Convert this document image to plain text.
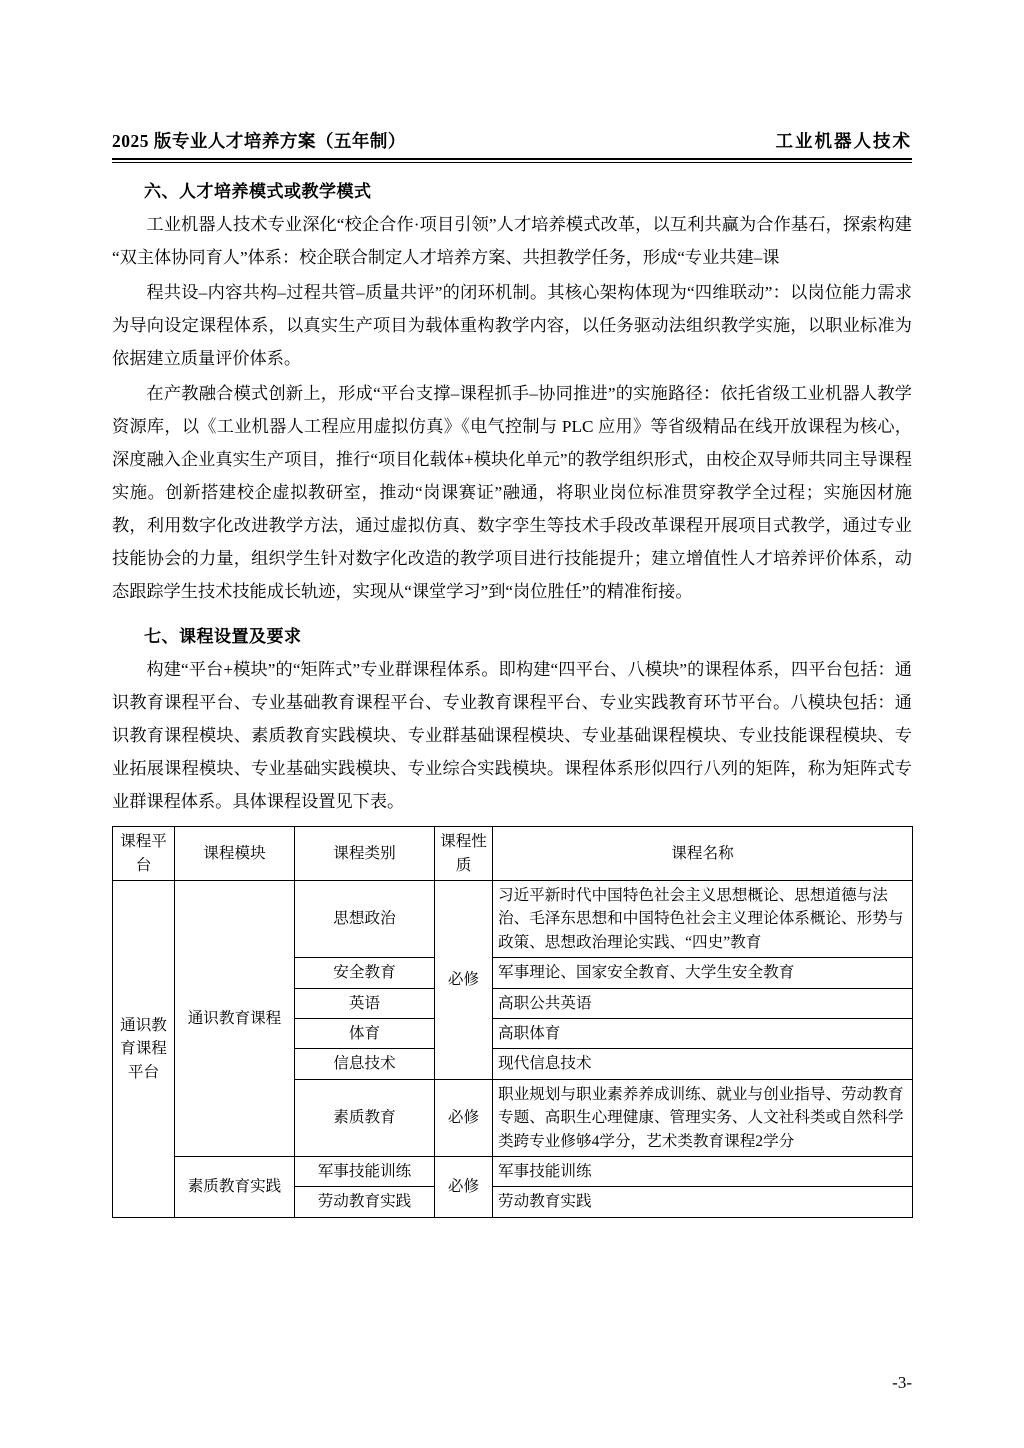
2025 版专业人才培养方案（五年制）	工业机器人技术
六、人才培养模式或教学模式

工业机器人技术专业深化“校企合作·项目引领”人才培养模式改革，以互利共赢为合作基石，探索构建“双主体协同育人”体系：校企联合制定人才培养方案、共担教学任务，形成“专业共建–课

程共设–内容共构–过程共管–质量共评”的闭环机制。其核心架构体现为“四维联动”：以岗位能力需求为导向设定课程体系，以真实生产项目为载体重构教学内容，以任务驱动法组织教学实施，以职业标准为依据建立质量评价体系。

在产教融合模式创新上，形成“平台支撑–课程抓手–协同推进”的实施路径：依托省级工业机器人教学资源库，以《工业机器人工程应用虚拟仿真》《电气控制与 PLC 应用》等省级精品在线开放课程为核心，深度融入企业真实生产项目，推行“项目化载体+模块化单元”的教学组织形式，由校企双导师共同主导课程实施。创新搭建校企虚拟教研室，推动“岗课赛证”融通，将职业岗位标准贯穿教学全过程；实施因材施教，利用数字化改进教学方法，通过虚拟仿真、数字孪生等技术手段改革课程开展项目式教学，通过专业技能协会的力量，组织学生针对数字化改造的教学项目进行技能提升；建立增值性人才培养评价体系，动态跟踪学生技术技能成长轨迹，实现从“课堂学习”到“岗位胜任”的精准衔接。

七、课程设置及要求

构建“平台+模块”的“矩阵式”专业群课程体系。即构建“四平台、八模块”的课程体系，四平台包括：通识教育课程平台、专业基础教育课程平台、专业教育课程平台、专业实践教育环节平台。八模块包括：通识教育课程模块、素质教育实践模块、专业群基础课程模块、专业基础课程模块、专业技能课程模块、专业拓展课程模块、专业基础实践模块、专业综合实践模块。课程体系形似四行八列的矩阵，称为矩阵式专业群课程体系。具体课程设置见下表。

课程平台	课程模块	课程类别	课程性质	课程名称
通识教育课程平台	通识教育课程	思想政治	必修	习近平新时代中国特色社会主义思想概论、思想道德与法治、毛泽东思想和中国特色社会主义理论体系概论、形势与政策、思想政治理论实践、“四史”教育
		安全教育		军事理论、国家安全教育、大学生安全教育
		英语		高职公共英语
		体育		高职体育
		信息技术		现代信息技术
		素质教育	必修	职业规划与职业素养养成训练、就业与创业指导、劳动教育专题、高职生心理健康、管理实务、人文社科类或自然科学类跨专业修够4学分，艺术类教育课程2学分
	素质教育实践	军事技能训练	必修	军事技能训练
		劳动教育实践		劳动教育实践
-3-
